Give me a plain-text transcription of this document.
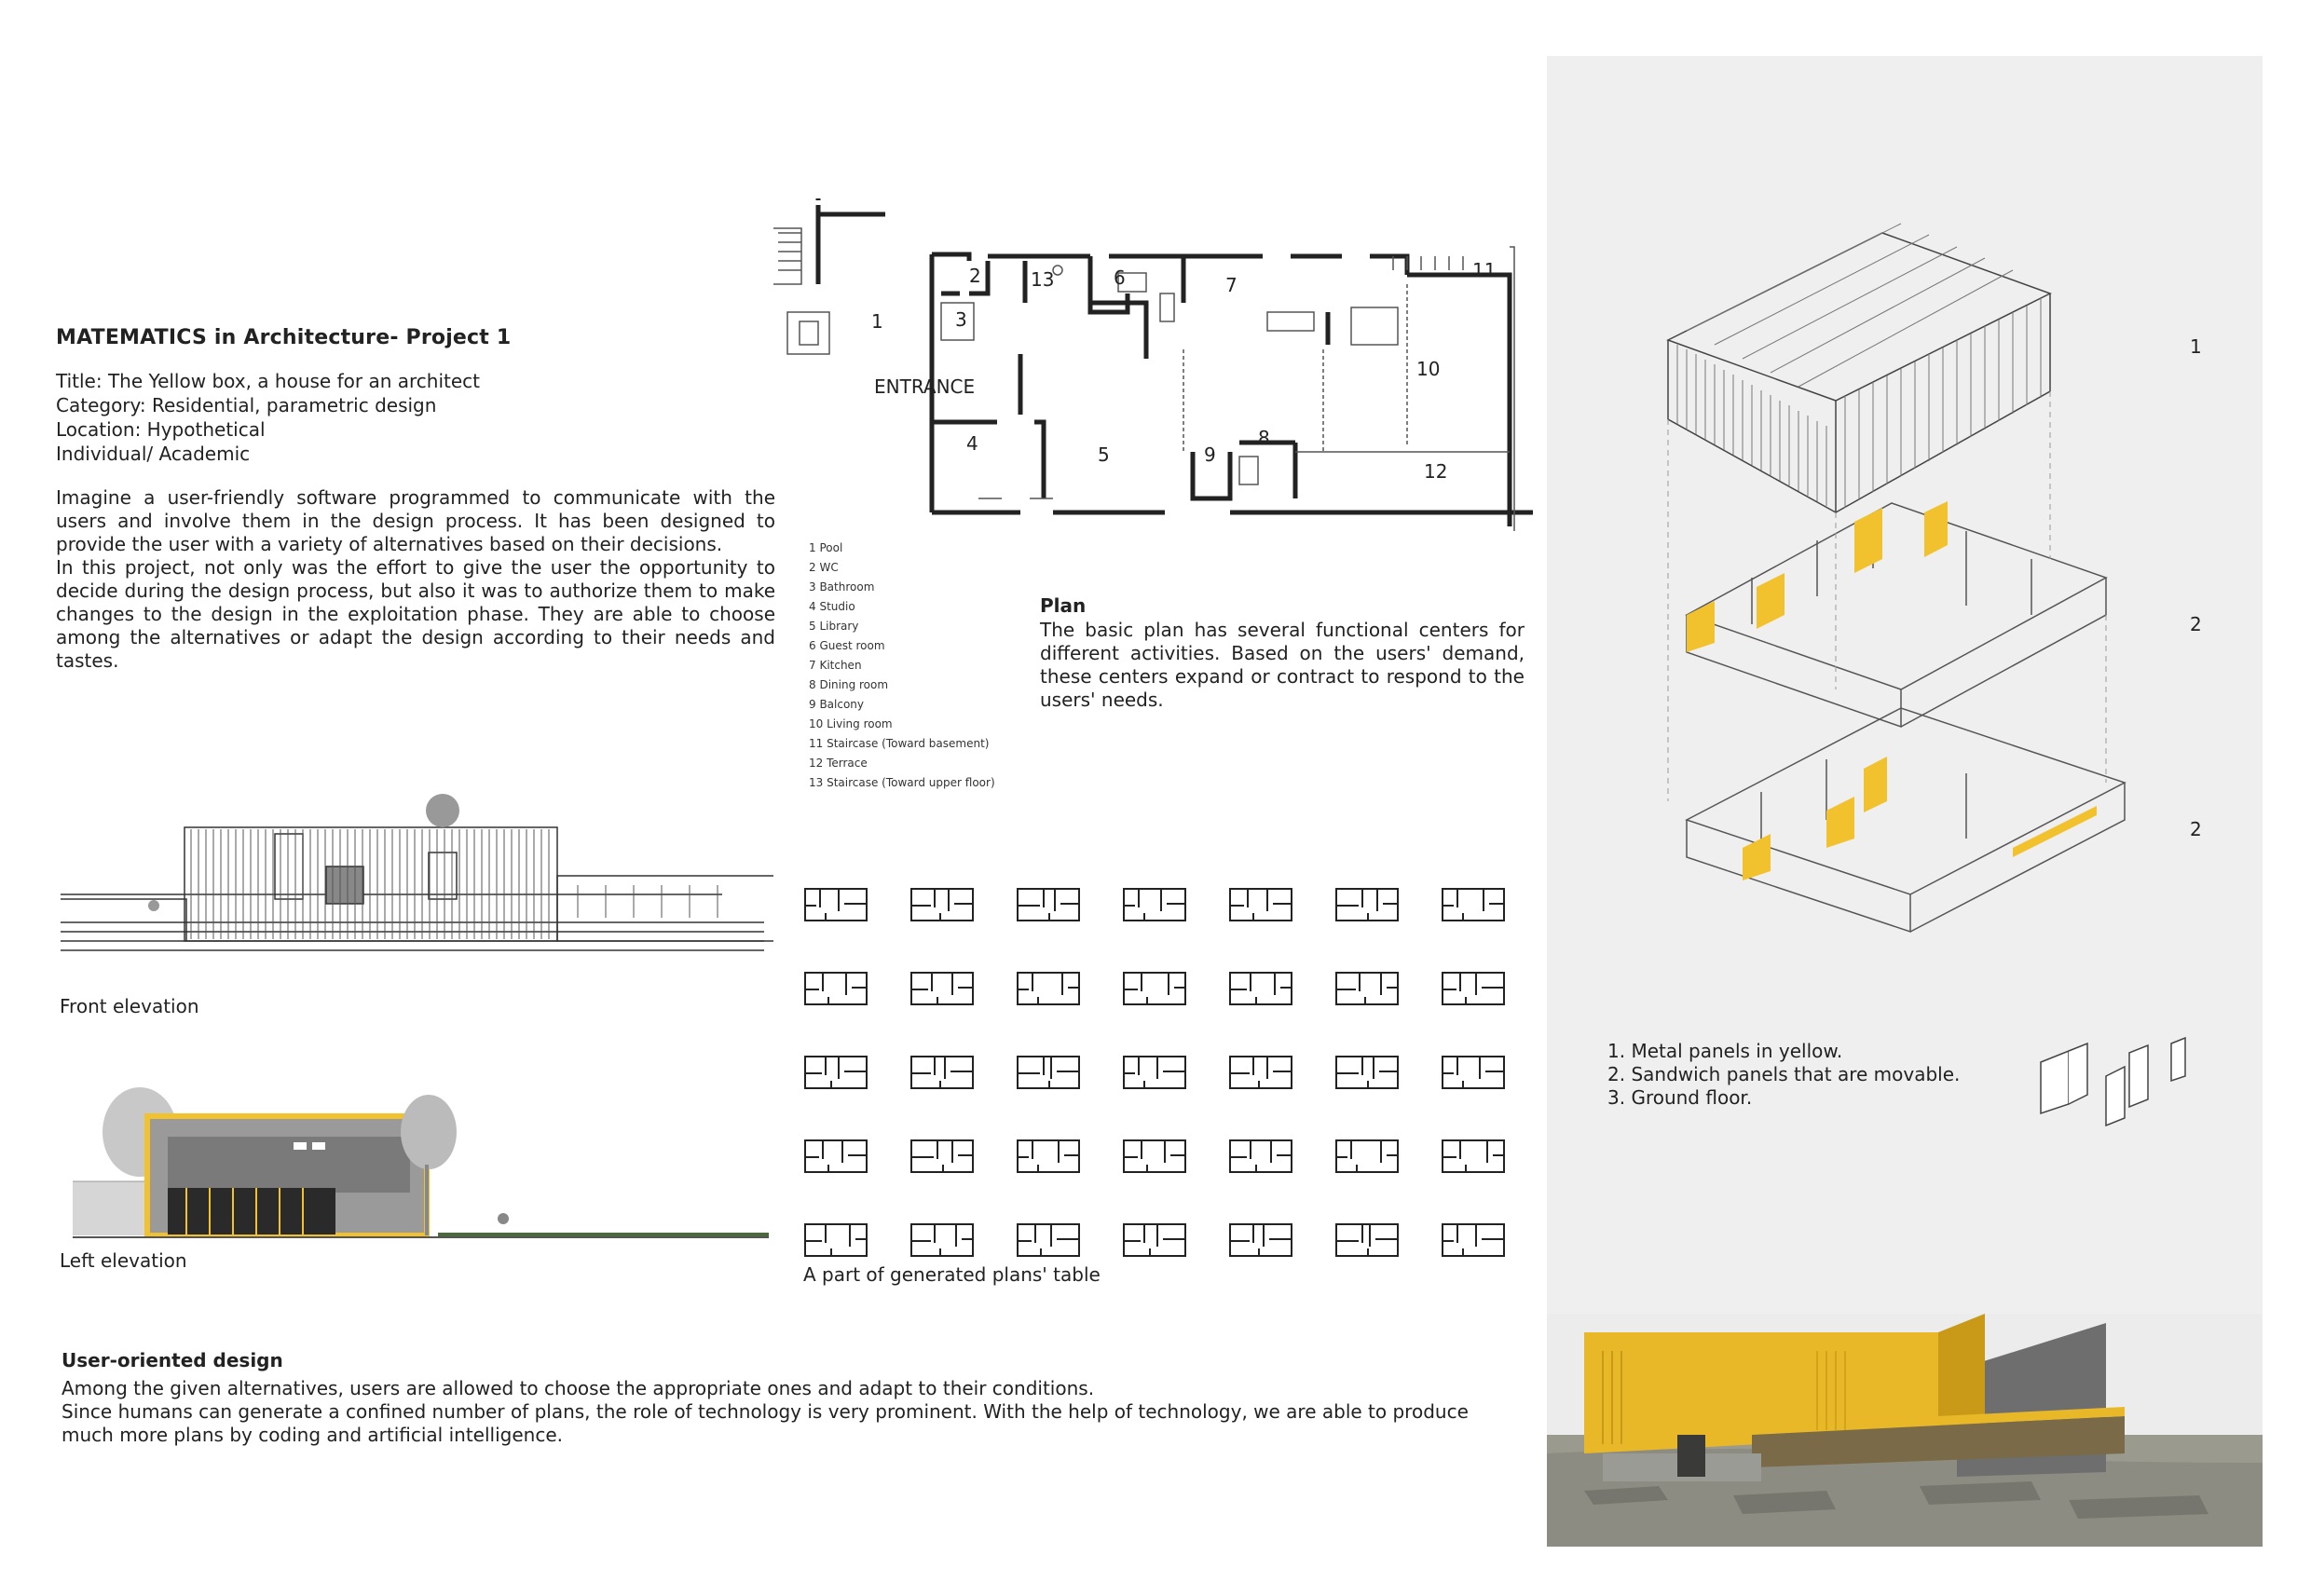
MATEMATICS in Architecture- Project 1
Title: The Yellow box, a house for an architect
Category: Residential, parametric design
Location: Hypothetical
Individual/ Academic

Imagine a user-friendly software programmed to communicate with the users and involve them in the design process. It has been designed to provide the user with a variety of alternatives based on their decisions.

In this project, not only was the effort to give the user the opportunity to decide during the design process, but also it was to authorize them to make changes to the design in the exploitation phase. They are able to choose among the alternatives or adapt the design according to their needs and tastes.

1
2
3
4	5
6	7
8
9
10
11
12
13
ENTRANCE
1 Pool
2 WC
3 Bathroom
4 Studio
5 Library
6 Guest room
7 Kitchen
8 Dining room
9 Balcony
10 Living room
11 Staircase (Toward basement)
12 Terrace
13 Staircase (Toward upper floor)
Plan
The basic plan has several functional centers for different activities. Based on the users' demand, these centers expand or contract to respond to the users' needs.
Front elevation
Left elevation
A part of generated plans' table
User-oriented design

Among the given alternatives, users are allowed to choose the appropriate ones and adapt to their conditions.

Since humans can generate a confined number of plans, the role of technology is very prominent. With the help of technology, we are able to produce much more plans by coding and artificial intelligence.

1
2
2
1. Metal panels in yellow.
2. Sandwich panels that are movable.
3. Ground floor.
